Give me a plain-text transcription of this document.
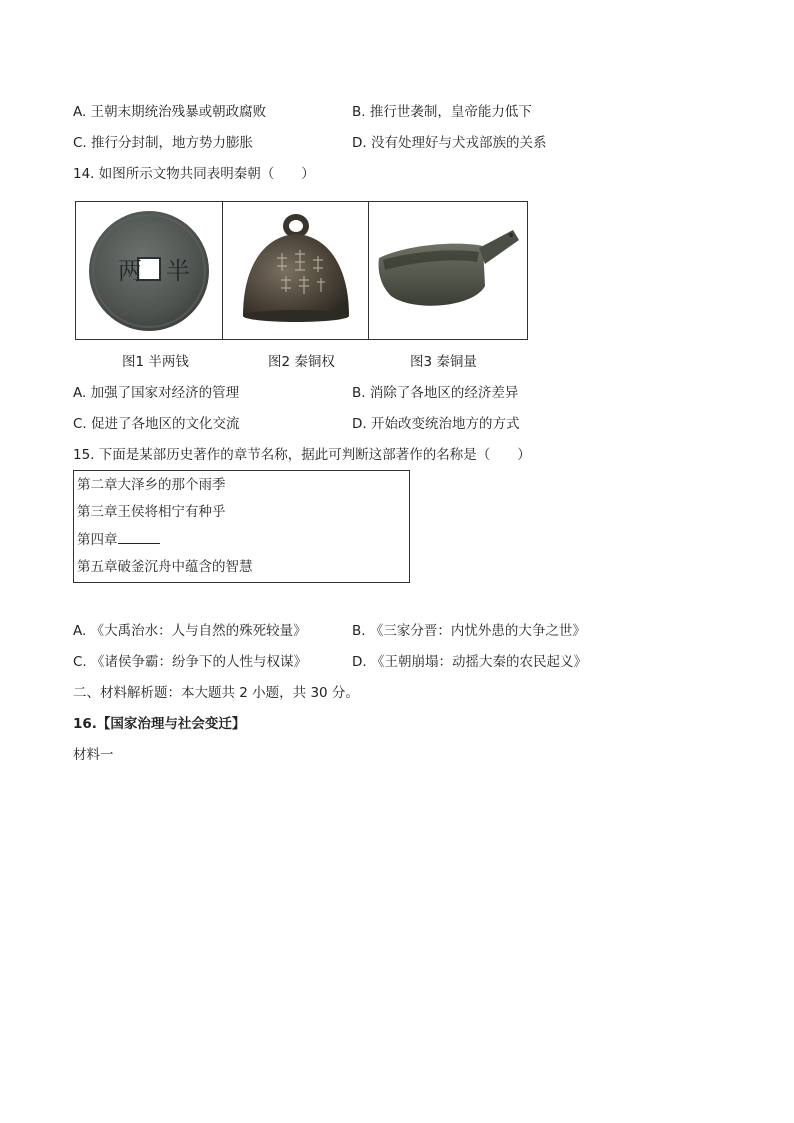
A. 王朝末期统治残暴或朝政腐败	B. 推行世袭制，皇帝能力低下
C. 推行分封制，地方势力膨胀	D. 没有处理好与犬戎部族的关系
14. 如图所示文物共同表明秦朝（　　）
两 半
图1 半两钱	图2 秦铜权	图3 秦铜量
A. 加强了国家对经济的管理	B. 消除了各地区的经济差异
C. 促进了各地区的文化交流	D. 开始改变统治地方的方式
15. 下面是某部历史著作的章节名称，据此可判断这部著作的名称是（　　）
第二章大泽乡的那个雨季
第三章王侯将相宁有种乎
第四章
第五章破釜沉舟中蕴含的智慧
A. 《大禹治水：人与自然的殊死较量》	B. 《三家分晋：内忧外患的大争之世》
C. 《诸侯争霸：纷争下的人性与权谋》	D. 《王朝崩塌：动摇大秦的农民起义》
二、材料解析题：本大题共 2 小题，共 30 分。
16.【国家治理与社会变迁】
材料一
